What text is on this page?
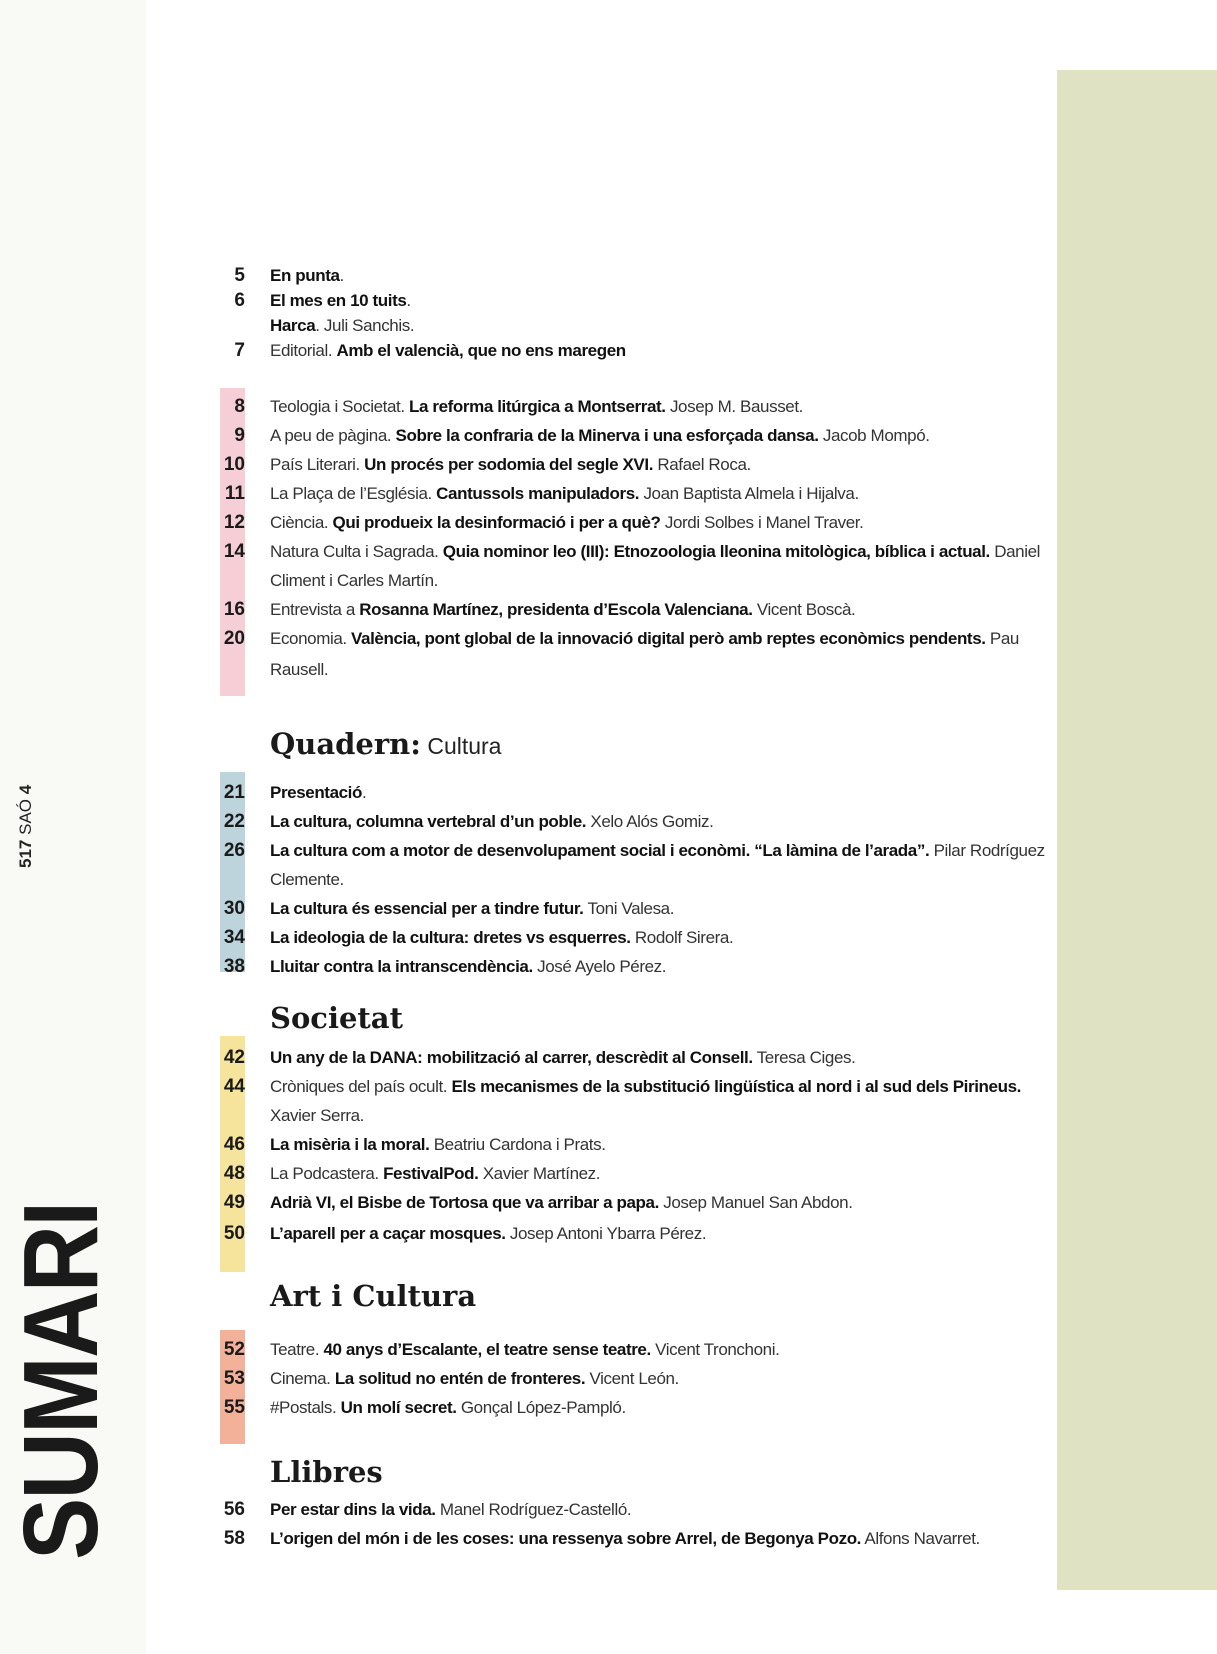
517 SAÓ 4
SUMARI
Quadern: Cultura
Societat
Art i Cultura
Llibres
5 En punta.
6 El mes en 10 tuits.
Harca. Juli Sanchis.
7 Editorial. Amb el valencià, que no ens maregen
8 Teologia i Societat. La reforma litúrgica a Montserrat. Josep M. Bausset.
9 A peu de pàgina. Sobre la confraria de la Minerva i una esforçada dansa. Jacob Mompó.
10 País Literari. Un procés per sodomia del segle XVI. Rafael Roca.
11 La Plaça de l’Església. Cantussols manipuladors. Joan Baptista Almela i Hijalva.
12 Ciència. Qui produeix la desinformació i per a què? Jordi Solbes i Manel Traver.
14 Natura Culta i Sagrada. Quia nominor leo (III): Etnozoologia lleonina mitològica, bíblica i actual. Daniel
Climent i Carles Martín.
16 Entrevista a Rosanna Martínez, presidenta d’Escola Valenciana. Vicent Boscà.
20 Economia. València, pont global de la innovació digital però amb reptes econòmics pendents. Pau
Rausell.
21 Presentació.
22 La cultura, columna vertebral d’un poble. Xelo Alós Gomiz.
26 La cultura com a motor de desenvolupament social i econòmi. “La làmina de l’arada”. Pilar Rodríguez
Clemente.
30 La cultura és essencial per a tindre futur. Toni Valesa.
34 La ideologia de la cultura: dretes vs esquerres. Rodolf Sirera.
38 Lluitar contra la intranscendència. José Ayelo Pérez.
42 Un any de la DANA: mobilització al carrer, descrèdit al Consell. Teresa Ciges.
44 Cròniques del país ocult. Els mecanismes de la substitució lingüística al nord i al sud dels Pirineus.
Xavier Serra.
46 La misèria i la moral. Beatriu Cardona i Prats.
48 La Podcastera. FestivalPod. Xavier Martínez.
49 Adrià VI, el Bisbe de Tortosa que va arribar a papa. Josep Manuel San Abdon.
50 L’aparell per a caçar mosques. Josep Antoni Ybarra Pérez.
52 Teatre. 40 anys d’Escalante, el teatre sense teatre. Vicent Tronchoni.
53 Cinema. La solitud no entén de fronteres. Vicent León.
55 #Postals. Un molí secret. Gonçal López-Pampló.
56 Per estar dins la vida. Manel Rodríguez-Castelló.
58 L’origen del món i de les coses: una ressenya sobre Arrel, de Begonya Pozo. Alfons Navarret.
